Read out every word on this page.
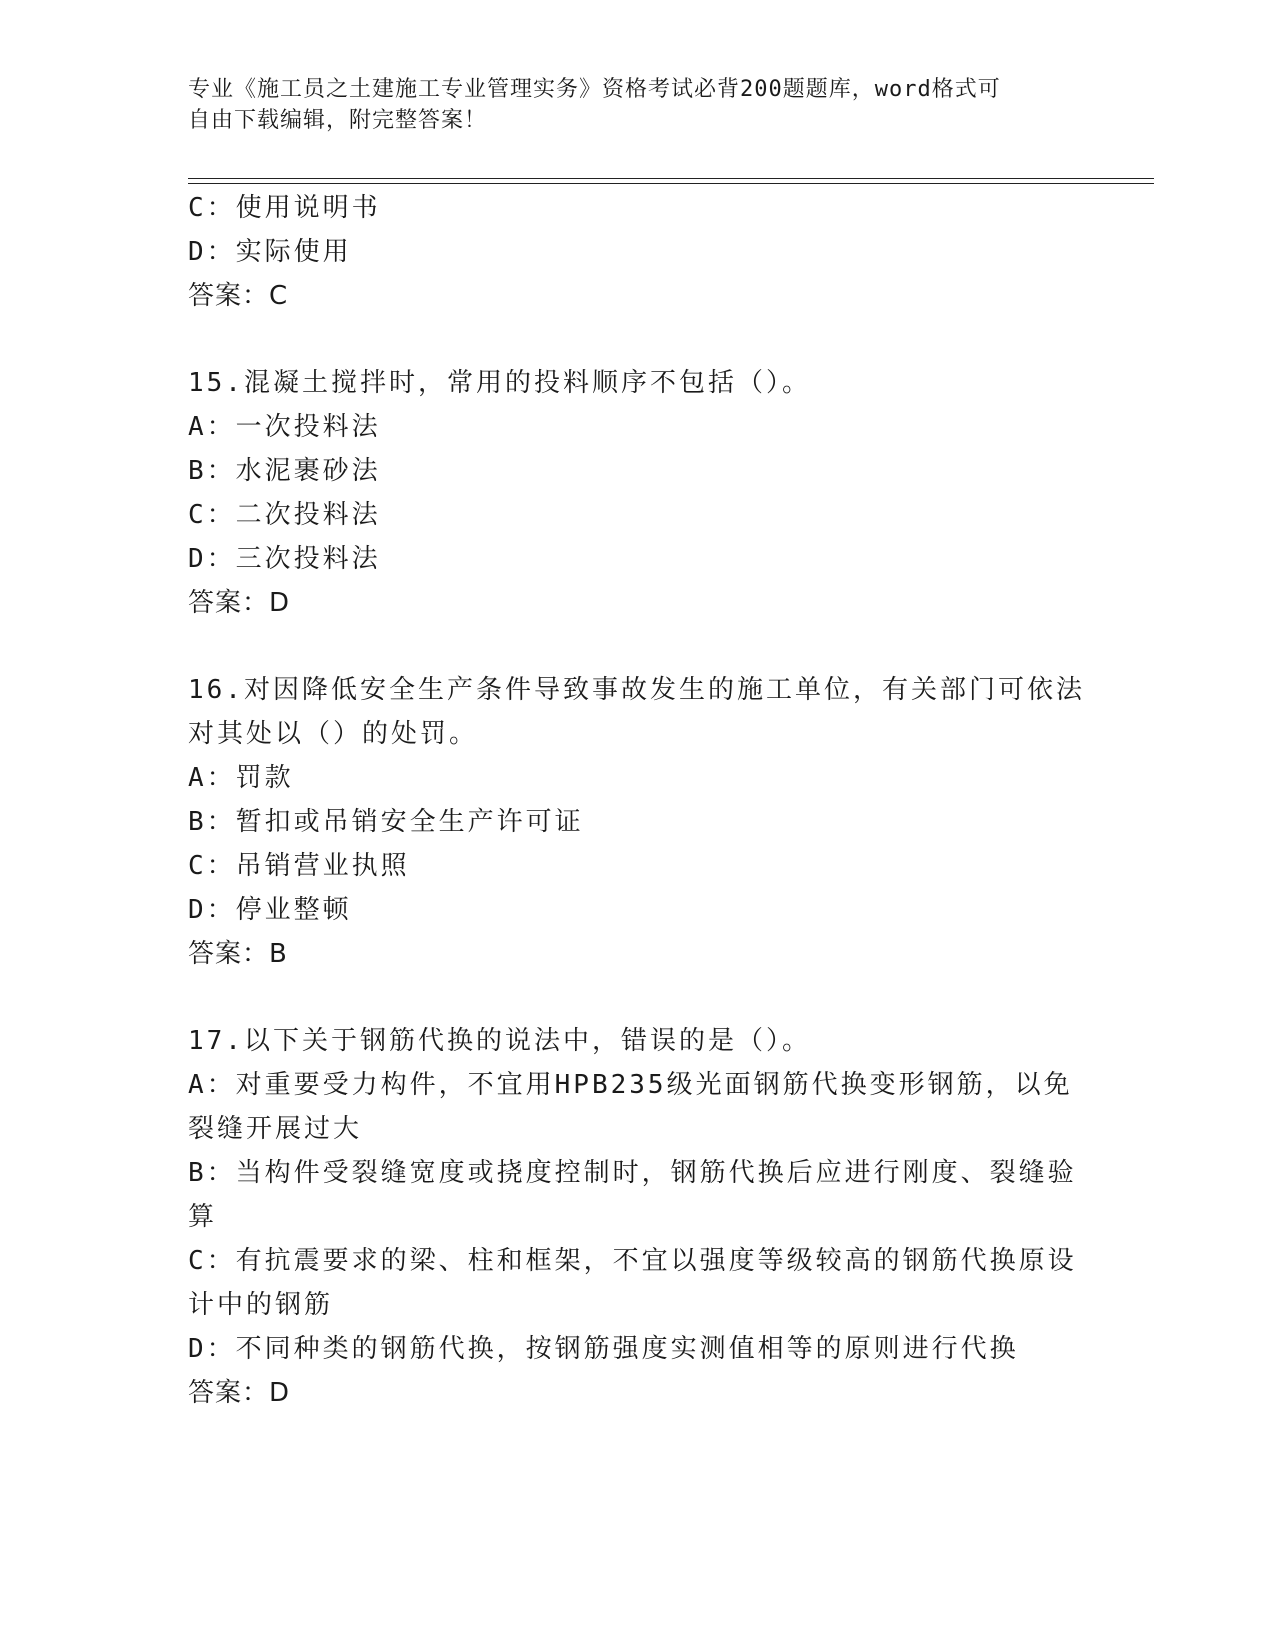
专业《施工员之土建施工专业管理实务》资格考试必背200题题库，word格式可
自由下载编辑，附完整答案！
C：使用说明书
D：实际使用
答案：C
15.混凝土搅拌时，常用的投料顺序不包括（）。
A：一次投料法
B：水泥裹砂法
C：二次投料法
D：三次投料法
答案：D
16.对因降低安全生产条件导致事故发生的施工单位，有关部门可依法
对其处以（）的处罚。
A：罚款
B：暂扣或吊销安全生产许可证
C：吊销营业执照
D：停业整顿
答案：B
17.以下关于钢筋代换的说法中，错误的是（）。
A：对重要受力构件，不宜用HPB235级光面钢筋代换变形钢筋，以免
裂缝开展过大
B：当构件受裂缝宽度或挠度控制时，钢筋代换后应进行刚度、裂缝验
算
C：有抗震要求的梁、柱和框架，不宜以强度等级较高的钢筋代换原设
计中的钢筋
D：不同种类的钢筋代换，按钢筋强度实测值相等的原则进行代换
答案：D
